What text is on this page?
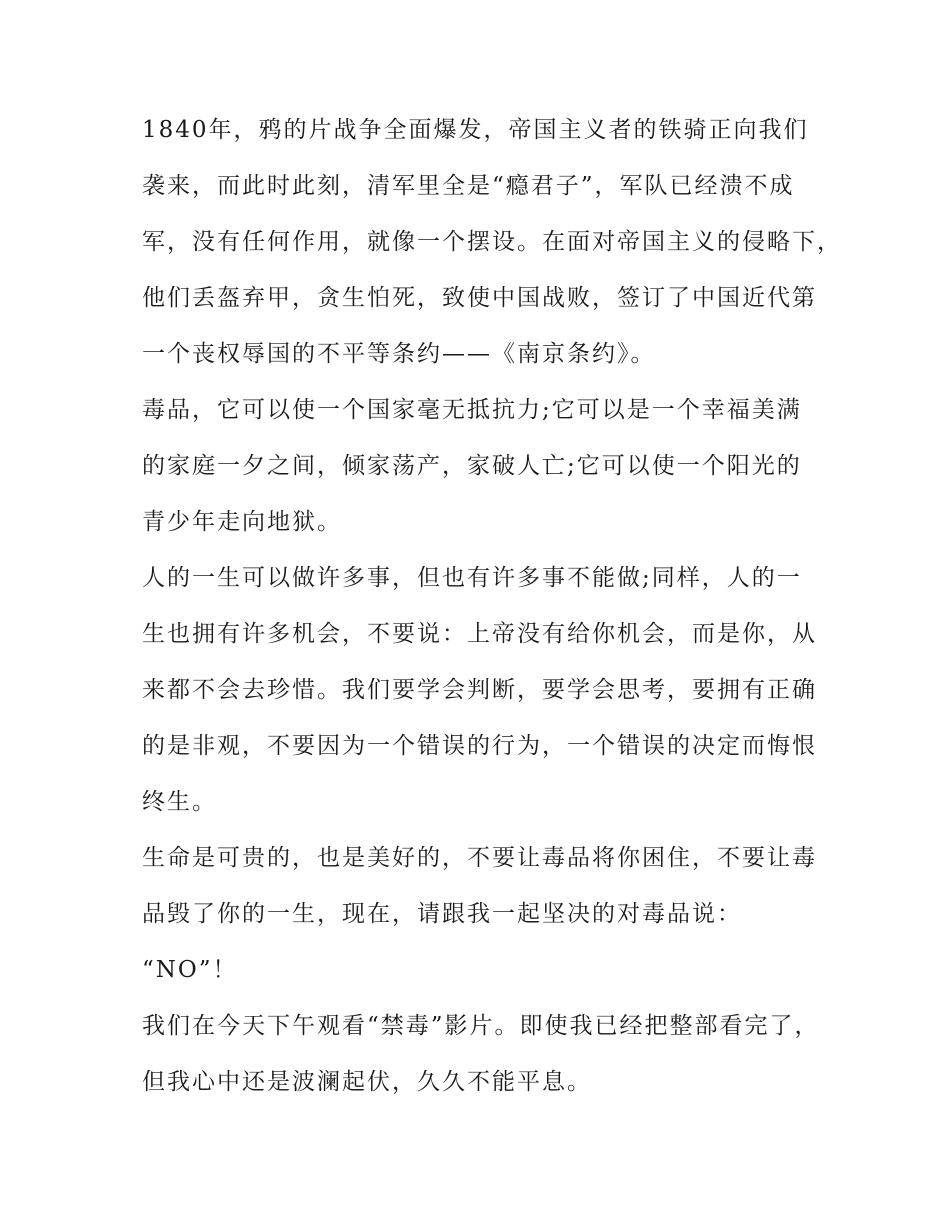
1840年，鸦的片战争全面爆发，帝国主义者的铁骑正向我们
袭来，而此时此刻，清军里全是“瘾君子”，军队已经溃不成
军，没有任何作用，就像一个摆设。在面对帝国主义的侵略下，
他们丢盔弃甲，贪生怕死，致使中国战败，签订了中国近代第
一个丧权辱国的不平等条约——《南京条约》。
毒品，它可以使一个国家毫无抵抗力;它可以是一个幸福美满
的家庭一夕之间，倾家荡产，家破人亡;它可以使一个阳光的
青少年走向地狱。
人的一生可以做许多事，但也有许多事不能做;同样，人的一
生也拥有许多机会，不要说：上帝没有给你机会，而是你，从
来都不会去珍惜。我们要学会判断，要学会思考，要拥有正确
的是非观，不要因为一个错误的行为，一个错误的决定而悔恨
终生。
生命是可贵的，也是美好的，不要让毒品将你困住，不要让毒
品毁了你的一生，现在，请跟我一起坚决的对毒品说：
“NO”！
我们在今天下午观看“禁毒”影片。即使我已经把整部看完了，
但我心中还是波澜起伏，久久不能平息。
